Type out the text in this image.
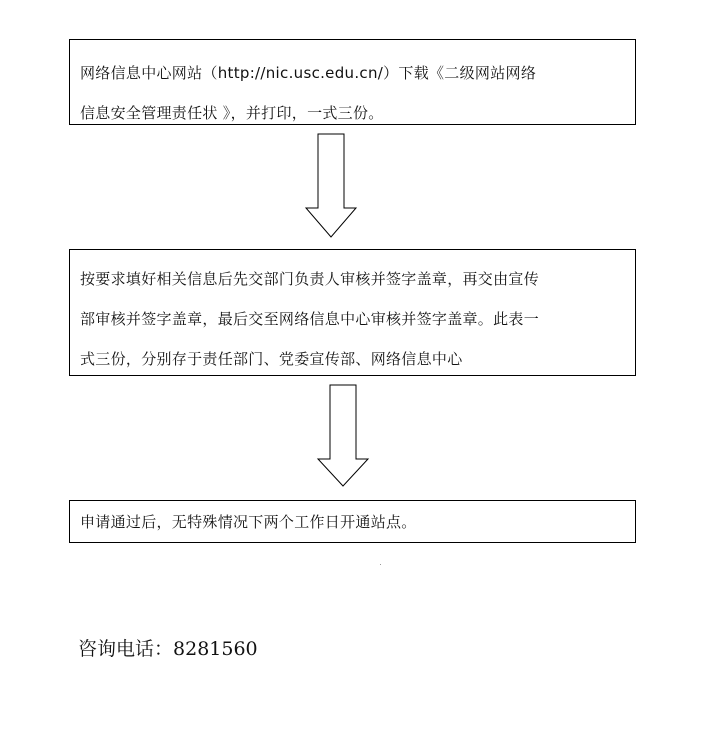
网络信息中心网站（http://nic.usc.edu.cn/）下载《二级网站网络
信息安全管理责任状 》，并打印，一式三份。

按要求填好相关信息后先交部门负责人审核并签字盖章，再交由宣传
部审核并签字盖章，最后交至网络信息中心审核并签字盖章。此表一
式三份，分别存于责任部门、党委宣传部、网络信息中心

申请通过后，无特殊情况下两个工作日开通站点。

咨询电话：8281560
